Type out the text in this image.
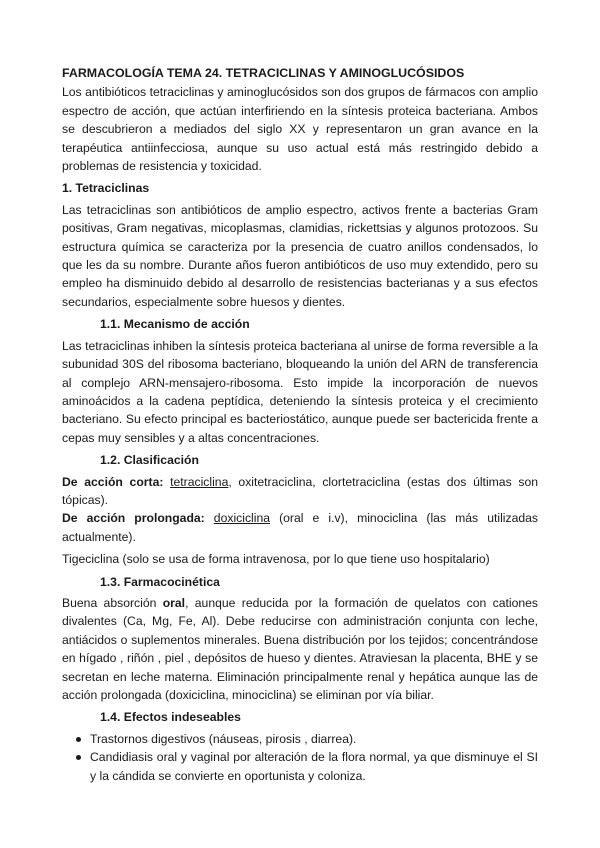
FARMACOLOGÍA TEMA 24. TETRACICLINAS Y AMINOGLUCÓSIDOS

Los antibióticos tetraciclinas y aminoglucósidos son dos grupos de fármacos con amplio espectro de acción, que actúan interfiriendo en la síntesis proteica bacteriana. Ambos se descubrieron a mediados del siglo XX y representaron un gran avance en la terapéutica antiinfecciosa, aunque su uso actual está más restringido debido a problemas de resistencia y toxicidad.

1. Tetraciclinas

Las tetraciclinas son antibióticos de amplio espectro, activos frente a bacterias Gram positivas, Gram negativas, micoplasmas, clamidias, rickettsias y algunos protozoos. Su estructura química se caracteriza por la presencia de cuatro anillos condensados, lo que les da su nombre. Durante años fueron antibióticos de uso muy extendido, pero su empleo ha disminuido debido al desarrollo de resistencias bacterianas y a sus efectos secundarios, especialmente sobre huesos y dientes.

1.1. Mecanismo de acción

Las tetraciclinas inhiben la síntesis proteica bacteriana al unirse de forma reversible a la subunidad 30S del ribosoma bacteriano, bloqueando la unión del ARN de transferencia al complejo ARN-mensajero-ribosoma. Esto impide la incorporación de nuevos aminoácidos a la cadena peptídica, deteniendo la síntesis proteica y el crecimiento bacteriano. Su efecto principal es bacteriostático, aunque puede ser bactericida frente a cepas muy sensibles y a altas concentraciones.

1.2. Clasificación

De acción corta: tetraciclina, oxitetraciclina, clortetraciclina (estas dos últimas son tópicas).

De acción prolongada: doxiciclina (oral e i.v), minociclina (las más utilizadas actualmente).

Tigeciclina (solo se usa de forma intravenosa, por lo que tiene uso hospitalario)

1.3. Farmacocinética

Buena absorción oral, aunque reducida por la formación de quelatos con cationes divalentes (Ca, Mg, Fe, Al). Debe reducirse con administración conjunta con leche, antiácidos o suplementos minerales. Buena distribución por los tejidos; concentrándose en hígado , riñón , piel , depósitos de hueso y dientes. Atraviesan la placenta, BHE y se secretan en leche materna. Eliminación principalmente renal y hepática aunque las de acción prolongada (doxiciclina, minociclina) se eliminan por vía biliar.

1.4. Efectos indeseables
Trastornos digestivos (náuseas, pirosis , diarrea).
Candidiasis oral y vaginal por alteración de la flora normal, ya que disminuye el SI y la cándida se convierte en oportunista y coloniza.
